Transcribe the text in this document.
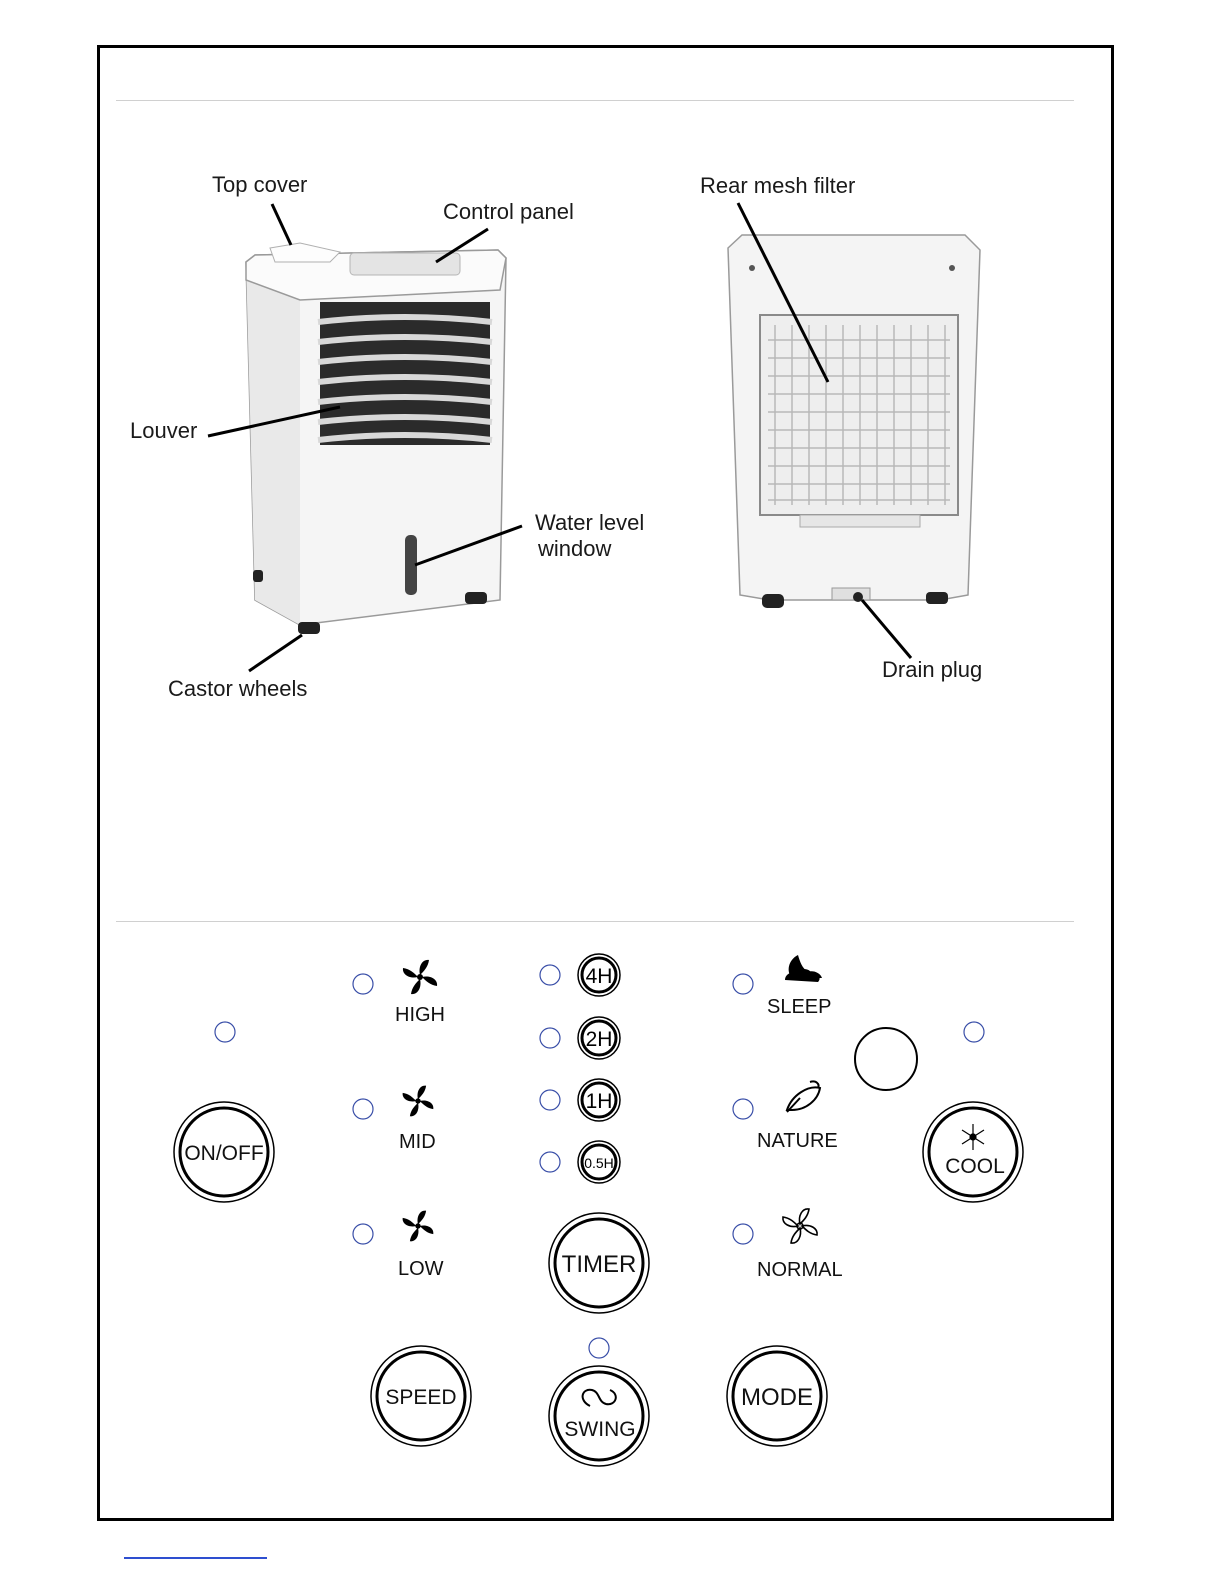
Top cover
Control panel
Louver
Water level
window
Castor wheels
Rear mesh filter
Drain plug
HIGH
MID
LOW
4H
2H
1H
0.5H
SLEEP
NATURE
NORMAL
ON/OFF
COOL
TIMER
SPEED
SWING
MODE
